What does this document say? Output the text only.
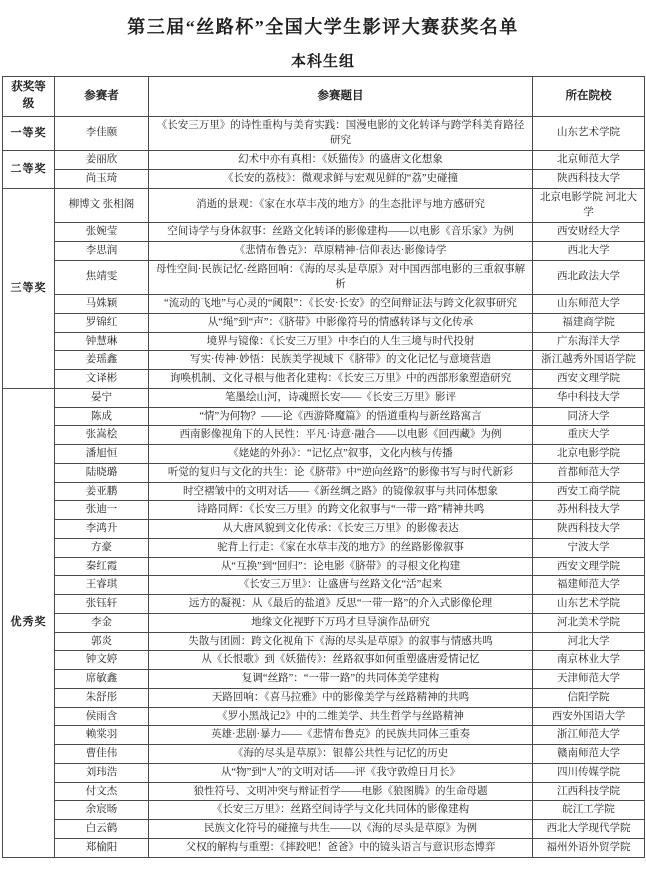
第三届“丝路杯”全国大学生影评大赛获奖名单
本科生组
获奖等级	参赛者	参赛题目	所在院校
一等奖	李佳颐	《长安三万里》的诗性重构与美育实践：国漫电影的文化转译与跨学科美育路径研究	山东艺术学院
二等奖	姜丽欣	幻术中亦有真相：《妖猫传》的盛唐文化想象	北京师范大学
	尚玉琦	《长安的荔枝》：微观求鲜与宏观见鲜的“荔”史碰撞	陕西科技大学
三等奖	柳博文 张相阁	消逝的景观：《家在水草丰茂的地方》的生态批评与地方感研究	北京电影学院 河北大学
	张婉莹	空间诗学与身体叙事：丝路文化转译的影像建构——以电影《音乐家》为例	西安财经大学
	李思润	《悲情布鲁克》：草原精神·信仰表达·影像诗学	西北大学
	焦靖雯	母性空间·民族记忆·丝路回响：《海的尽头是草原》对中国西部电影的三重叙事解析	西北政法大学
	马姝颖	“流动的飞地”与心灵的“阈限”：《长安·长安》的空间辩证法与跨文化叙事研究	山东师范大学
	罗锦红	从“绳”到“声”：《脐带》中影像符号的情感转译与文化传承	福建商学院
	钟慧琳	境界与镜像：《长安三万里》中李白的人生三境与时代投射	广东海洋大学
	姜瑶鑫	写实·传神·妙悟：民族美学视域下《脐带》的文化记忆与意境营造	浙江越秀外国语学院
	文译彬	询唤机制、文化寻根与他者化建构：《长安三万里》中的西部形象塑造研究	西安文理学院
优秀奖	晏宁	笔墨绘山河，诗魂照长安——《长安三万里》影评	华中科技大学
	陈成	“情”为何物？——论《西游降魔篇》的悟道重构与新丝路寓言	同济大学
	张嵩桧	西南影像视角下的人民性：平凡·诗意·融合——以电影《回西藏》为例	重庆大学
	潘旭恒	《姥姥的外孙》：“记忆点”叙事，文化内核与传播	北京电影学院
	陆晓璐	听觉的复归与文化的共生：论《脐带》中“逆向丝路”的影像书写与时代新彩	首都师范大学
	姜亚鹏	时空褶皱中的文明对话——《新丝绸之路》的镜像叙事与共同体想象	西安工商学院
	张迪一	诗路同辉：《长安三万里》的跨文化叙事与“一带一路”精神共鸣	苏州科技大学
	李鸿升	从大唐风貌到文化传承：《长安三万里》的影像表达	陕西科技大学
	方豪	驼背上行走：《家在水草丰茂的地方》的丝路影像叙事	宁波大学
	秦红霞	从“互换”到“回归”：论电影《脐带》的寻根文化构建	西安文理学院
	王睿琪	《长安三万里》：让盛唐与丝路文化“活”起来	福建师范大学
	张钰轩	远方的凝视：从《最后的盐道》反思“一带一路”的介入式影像伦理	山东艺术学院
	李金	地缘文化视野下万玛才旦导演作品研究	河北美术学院
	郭炎	失散与团圆：跨文化视角下《海的尽头是草原》的叙事与情感共鸣	河北大学
	钟文婷	从《长恨歌》到《妖猫传》：丝路叙事如何重塑盛唐爱情记忆	南京林业大学
	席敏鑫	复调“丝路”：“一带一路”的共同体美学建构	天津师范大学
	朱舒彤	天路回响：《喜马拉雅》中的影像美学与丝路精神的共鸣	信阳学院
	侯雨含	《罗小黑战记2》中的二维美学、共生哲学与丝路精神	西安外国语大学
	赖棠羽	英雄·悲剧·暴力——《悲情布鲁克》的民族共同体三重奏	浙江师范大学
	曹佳伟	《海的尽头是草原》：银幕公共性与记忆的历史	赣南师范大学
	刘玮浩	从“物”到“人”的文明对话——评《我守敦煌日月长》	四川传媒学院
	付文杰	狼性符号、文明冲突与辩证哲学——电影《狼图腾》的生命母题	江西科技学院
	余宸旸	《长安三万里》：丝路空间诗学与文化共同体的影像建构	皖江工学院
	白云鹤	民族文化符号的碰撞与共生——以《海的尽头是草原》为例	西北大学现代学院
	郑榆阳	父权的解构与重塑：《摔跤吧！爸爸》中的镜头语言与意识形态博弈	福州外语外贸学院
